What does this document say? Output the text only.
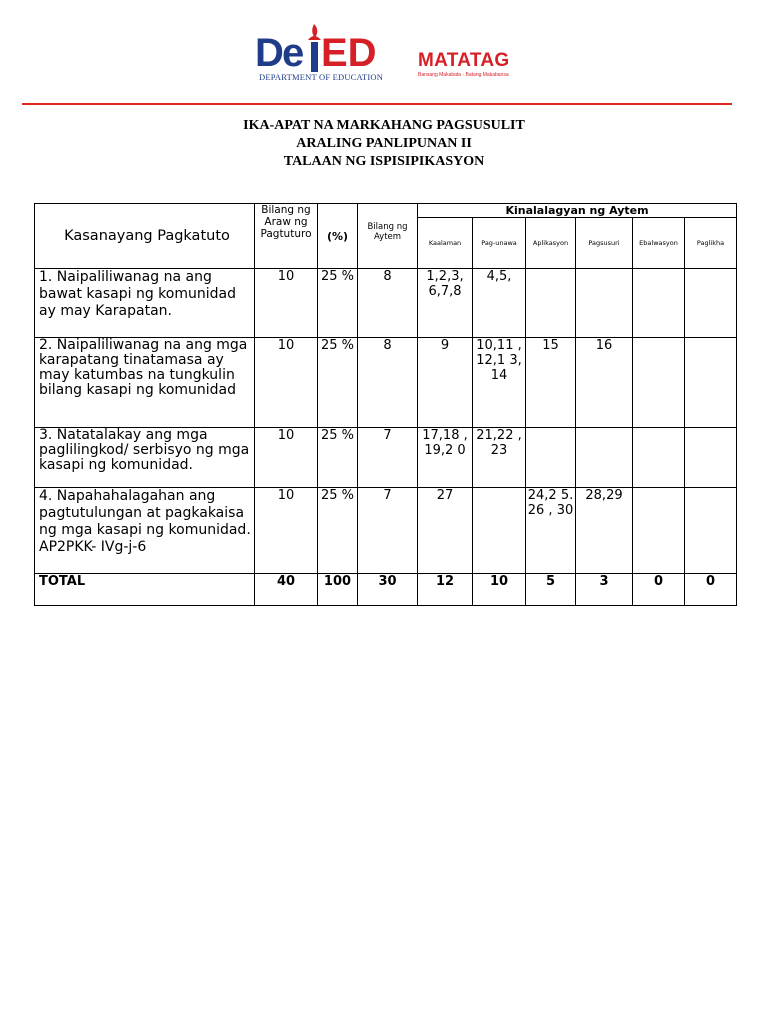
D
e ED
DEPARTMENT OF EDUCATION
MATATAG
Bansang Makabata · Batang Makabansa
IKA-APAT NA MARKAHANG PAGSUSULIT
ARALING PANLIPUNAN II
TALAAN NG ISPISIPIKASYON
Kasanayang Pagkatuto	Bilang ng Araw ng Pagtuturo	(%)	Bilang ng Aytem	Kinalalagyan ng Aytem					
				Kaalaman	Pag-unawa	Aplikasyon	Pagsusuri	Ebalwasyon	Paglikha
1. Naipaliliwanag na ang bawat kasapi ng komunidad ay may Karapatan.	10	25 %	8	1,2,3, 6,7,8	4,5,				
2. Naipaliliwanag na ang mga karapatang tinatamasa ay may katumbas na tungkulin bilang kasapi ng komunidad	10	25 %	8	9	10,11 ,12,1 3,14	15	16		
3. Natatalakay ang mga paglilingkod/ serbisyo ng mga kasapi ng komunidad.	10	25 %	7	17,18 ,19,2 0	21,22 ,23				
4. Napahahalagahan ang pagtutulungan at pagkakaisa ng mga kasapi ng komunidad. AP2PKK- IVg-j-6	10	25 %	7	27		24,2 5.26 , 30	28,29		
TOTAL	40	100	30	12	10	5	3	0	0
